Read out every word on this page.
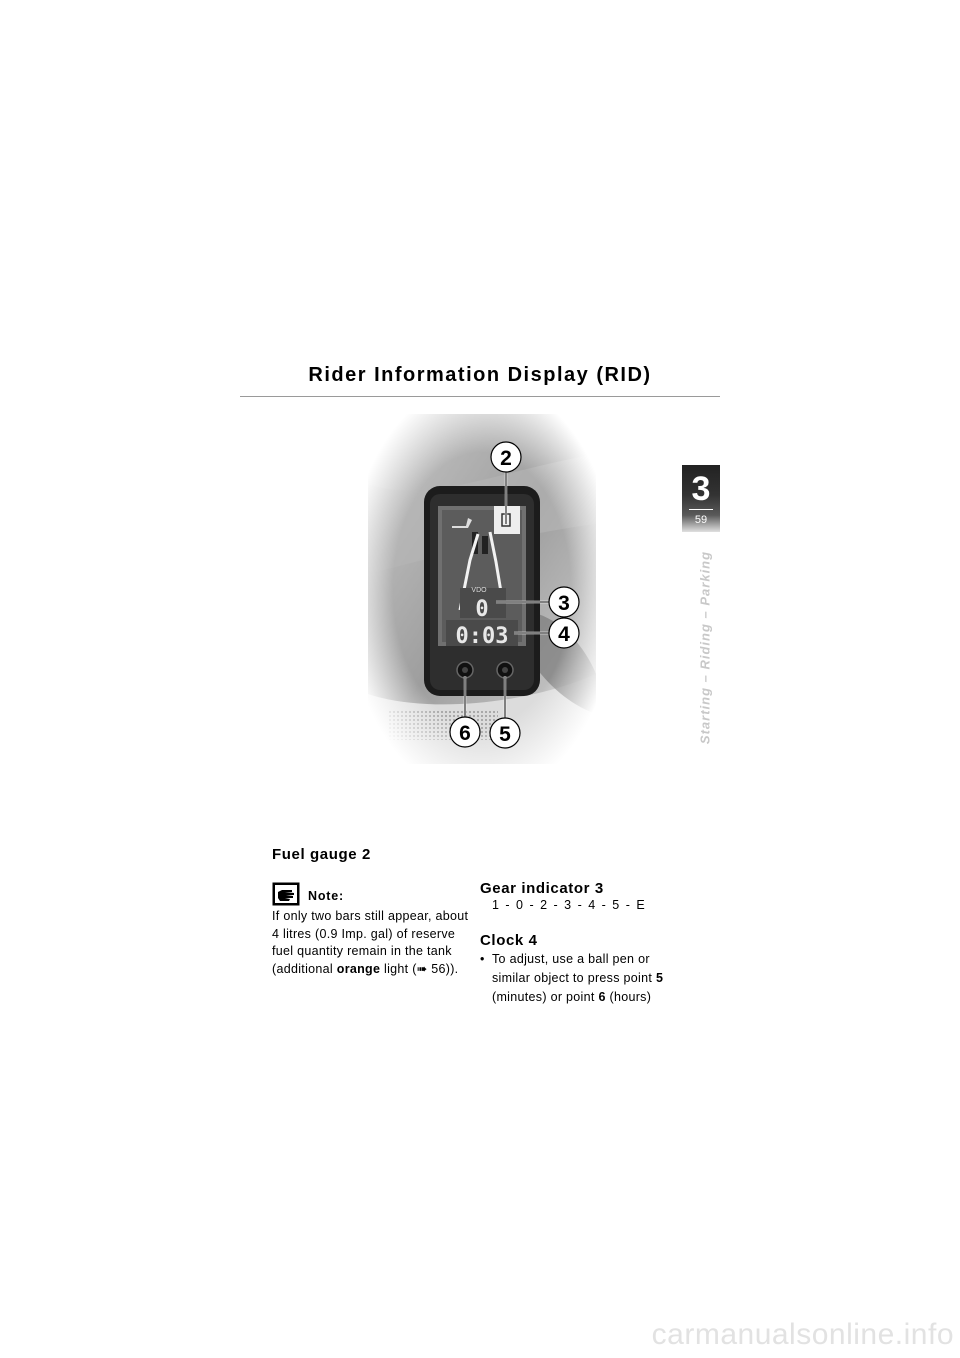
Rider Information Display (RID)
3
59
Starting – Riding – Parking
2
3
4
5
6
Fuel gauge 2
Note:

If only two bars still appear, about 4 litres (0.9 Imp. gal) of reserve fuel quantity remain in the tank (additional orange light (➠ 56)).

Gear indicator 3
1 - 0 - 2 - 3 - 4 - 5 - E
Clock 4
• To adjust, use a ball pen or similar object to press point 5 (minutes) or point 6 (hours)
carmanualsonline.info
